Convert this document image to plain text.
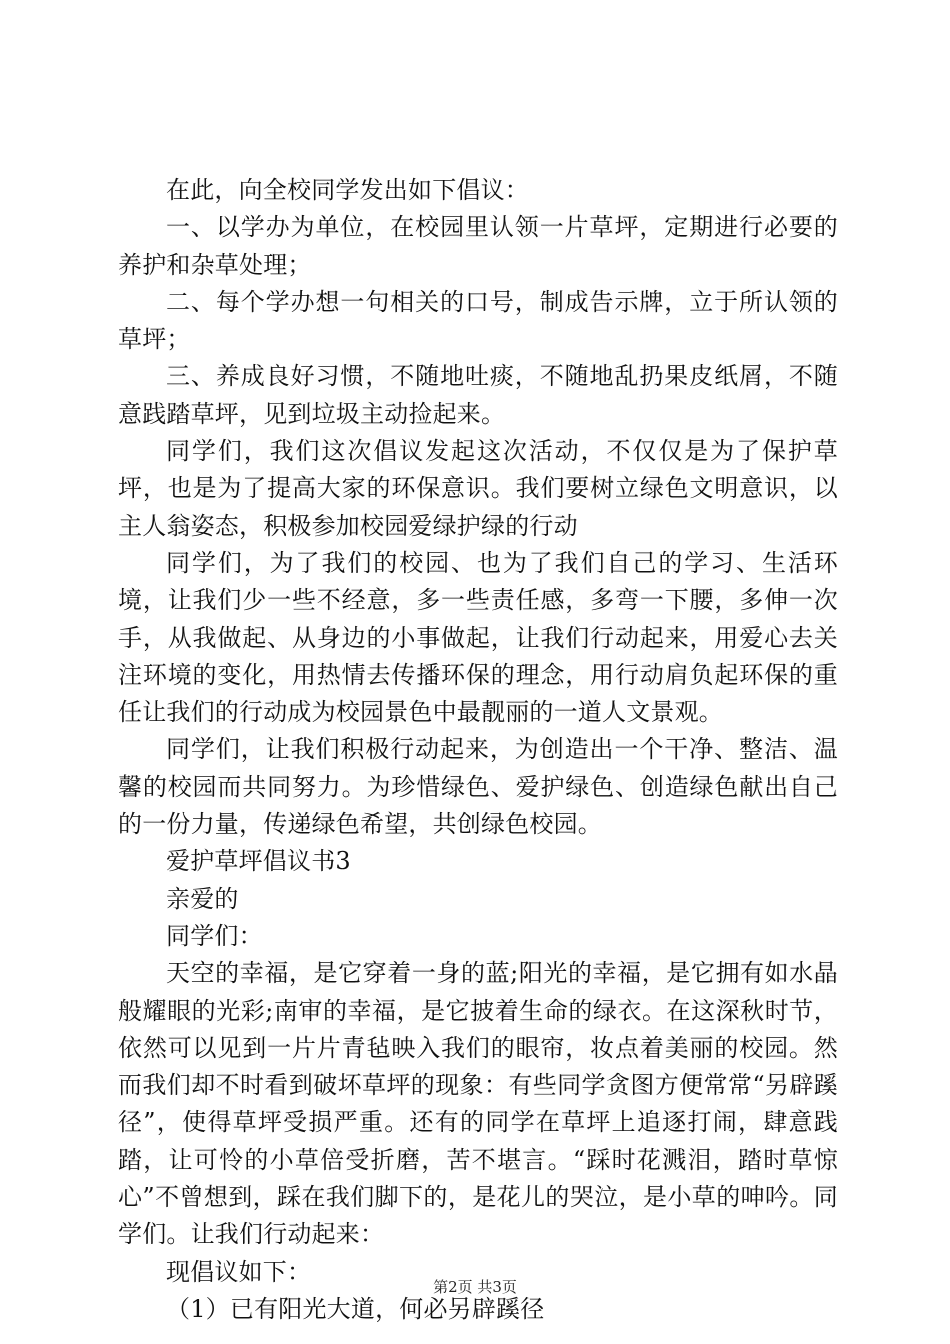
在此，向全校同学发出如下倡议：

一、以学办为单位，在校园里认领一片草坪，定期进行必要的养护和杂草处理；

二、每个学办想一句相关的口号，制成告示牌，立于所认领的草坪；

三、养成良好习惯，不随地吐痰，不随地乱扔果皮纸屑，不随意践踏草坪，见到垃圾主动捡起来。

同学们，我们这次倡议发起这次活动，不仅仅是为了保护草坪，也是为了提高大家的环保意识。我们要树立绿色文明意识，以主人翁姿态，积极参加校园爱绿护绿的行动

同学们，为了我们的校园、也为了我们自己的学习、生活环境，让我们少一些不经意，多一些责任感，多弯一下腰，多伸一次手，从我做起、从身边的小事做起，让我们行动起来，用爱心去关注环境的变化，用热情去传播环保的理念，用行动肩负起环保的重任让我们的行动成为校园景色中最靓丽的一道人文景观。

同学们，让我们积极行动起来，为创造出一个干净、整洁、温馨的校园而共同努力。为珍惜绿色、爱护绿色、创造绿色献出自己的一份力量，传递绿色希望，共创绿色校园。

爱护草坪倡议书3

亲爱的

同学们：

天空的幸福，是它穿着一身的蓝;阳光的幸福，是它拥有如水晶般耀眼的光彩;南审的幸福，是它披着生命的绿衣。在这深秋时节，依然可以见到一片片青毡映入我们的眼帘，妆点着美丽的校园。然而我们却不时看到破坏草坪的现象：有些同学贪图方便常常“另辟蹊径”，使得草坪受损严重。还有的同学在草坪上追逐打闹，肆意践踏，让可怜的小草倍受折磨，苦不堪言。“踩时花溅泪，踏时草惊心”不曾想到，踩在我们脚下的，是花儿的哭泣，是小草的呻吟。同学们。让我们行动起来：

现倡议如下：

（1）已有阳光大道，何必另辟蹊径

第2页 共3页
